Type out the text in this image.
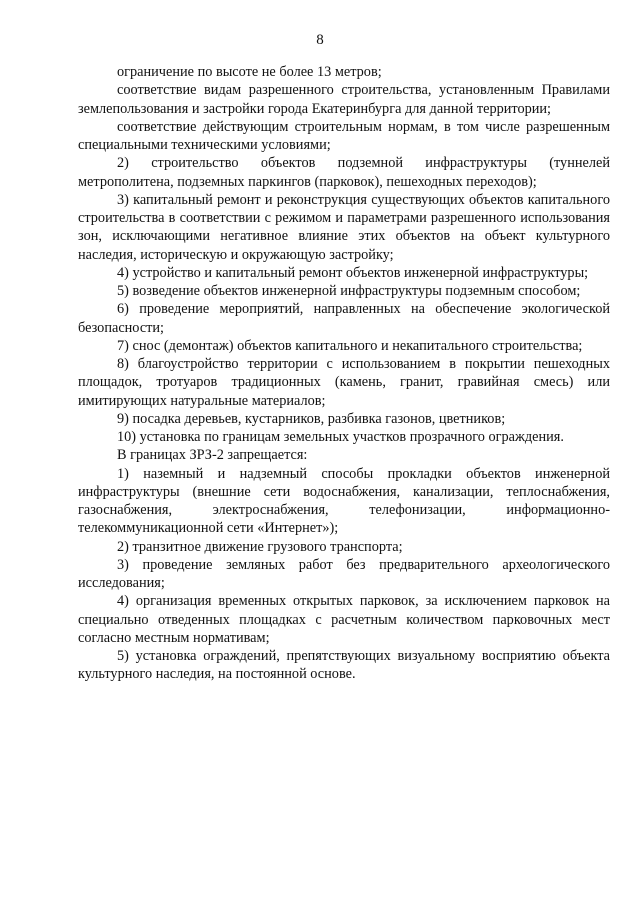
8

ограничение по высоте не более 13 метров;

соответствие видам разрешенного строительства, установленным Правилами землепользования и застройки города Екатеринбурга для данной территории;

соответствие действующим строительным нормам, в том числе разрешенным специальными техническими условиями;

2) строительство объектов подземной инфраструктуры (туннелей метрополитена, подземных паркингов (парковок), пешеходных переходов);

3) капитальный ремонт и реконструкция существующих объектов капитального строительства в соответствии с режимом и параметрами разрешенного использования зон, исключающими негативное влияние этих объектов на объект культурного наследия, историческую и окружающую застройку;

4) устройство и капитальный ремонт объектов инженерной инфраструктуры;

5) возведение объектов инженерной инфраструктуры подземным способом;

6) проведение мероприятий, направленных на обеспечение экологической безопасности;

7) снос (демонтаж) объектов капитального и некапитального строительства;

8) благоустройство территории с использованием в покрытии пешеходных площадок, тротуаров традиционных (камень, гранит, гравийная смесь) или имитирующих натуральные материалов;

9) посадка деревьев, кустарников, разбивка газонов, цветников;

10) установка по границам земельных участков прозрачного ограждения.

В границах ЗРЗ-2 запрещается:

1) наземный и надземный способы прокладки объектов инженерной инфраструктуры (внешние сети водоснабжения, канализации, теплоснабжения, газоснабжения, электроснабжения, телефонизации, информационно-телекоммуникационной сети «Интернет»);

2) транзитное движение грузового транспорта;

3) проведение земляных работ без предварительного археологического исследования;

4) организация временных открытых парковок, за исключением парковок на специально отведенных площадках с расчетным количеством парковочных мест согласно местным нормативам;

5) установка ограждений, препятствующих визуальному восприятию объекта культурного наследия, на постоянной основе.
